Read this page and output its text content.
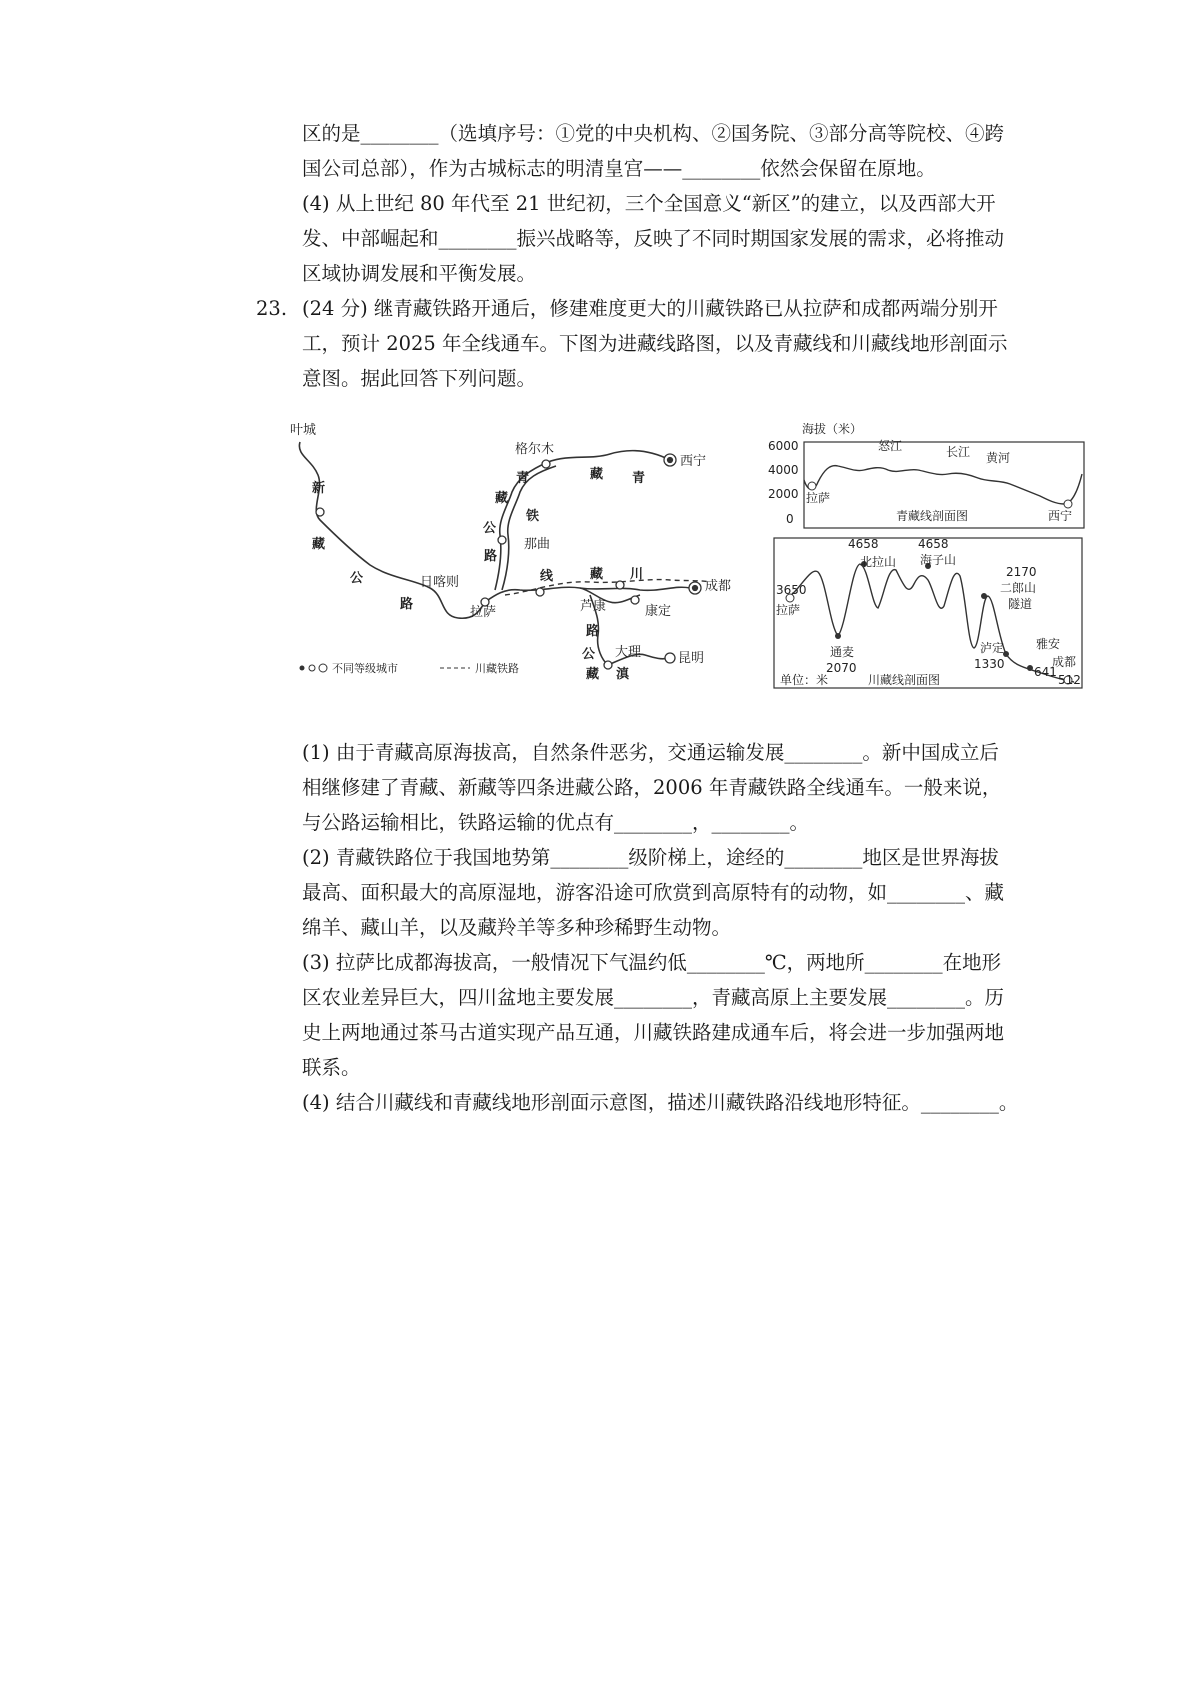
区的是________（选填序号：①党的中央机构、②国务院、③部分高等院校、④跨
国公司总部），作为古城标志的明清皇宫——________依然会保留在原地。
(4) 从上世纪 80 年代至 21 世纪初，三个全国意义“新区”的建立，以及西部大开
发、中部崛起和________振兴战略等，反映了不同时期国家发展的需求，必将推动
区域协调发展和平衡发展。
23. (24 分) 继青藏铁路开通后，修建难度更大的川藏铁路已从拉萨和成都两端分别开
工，预计 2025 年全线通车。下图为进藏线路图，以及青藏线和川藏线地形剖面示
意图。据此回答下列问题。
叶城
新
藏
公
路
格尔木
西宁
青	藏 青
藏
铁
公
路
那曲
日喀则
拉萨
线	藏 川
成都
芦康	康定
路
公 大理
藏 滇
昆明
不同等级城市	川藏铁路
海拔（米）
6000
4000
2000
0
怒江	长江 黄河
拉萨
西宁
青藏线剖面图
4658
北拉山
4658
海子山
2170
二郎山
隧道
3650
拉萨
通麦
2070
泸定
1330
雅安
641
成都
512
单位：米	川藏线剖面图
(1) 由于青藏高原海拔高，自然条件恶劣，交通运输发展________。新中国成立后
相继修建了青藏、新藏等四条进藏公路，2006 年青藏铁路全线通车。一般来说，
与公路运输相比，铁路运输的优点有________，________。
(2) 青藏铁路位于我国地势第________级阶梯上，途经的________地区是世界海拔
最高、面积最大的高原湿地，游客沿途可欣赏到高原特有的动物，如________、藏
绵羊、藏山羊，以及藏羚羊等多种珍稀野生动物。
(3) 拉萨比成都海拔高，一般情况下气温约低________℃，两地所________在地形
区农业差异巨大，四川盆地主要发展________，青藏高原上主要发展________。历
史上两地通过茶马古道实现产品互通，川藏铁路建成通车后，将会进一步加强两地
联系。
(4) 结合川藏线和青藏线地形剖面示意图，描述川藏铁路沿线地形特征。________。
